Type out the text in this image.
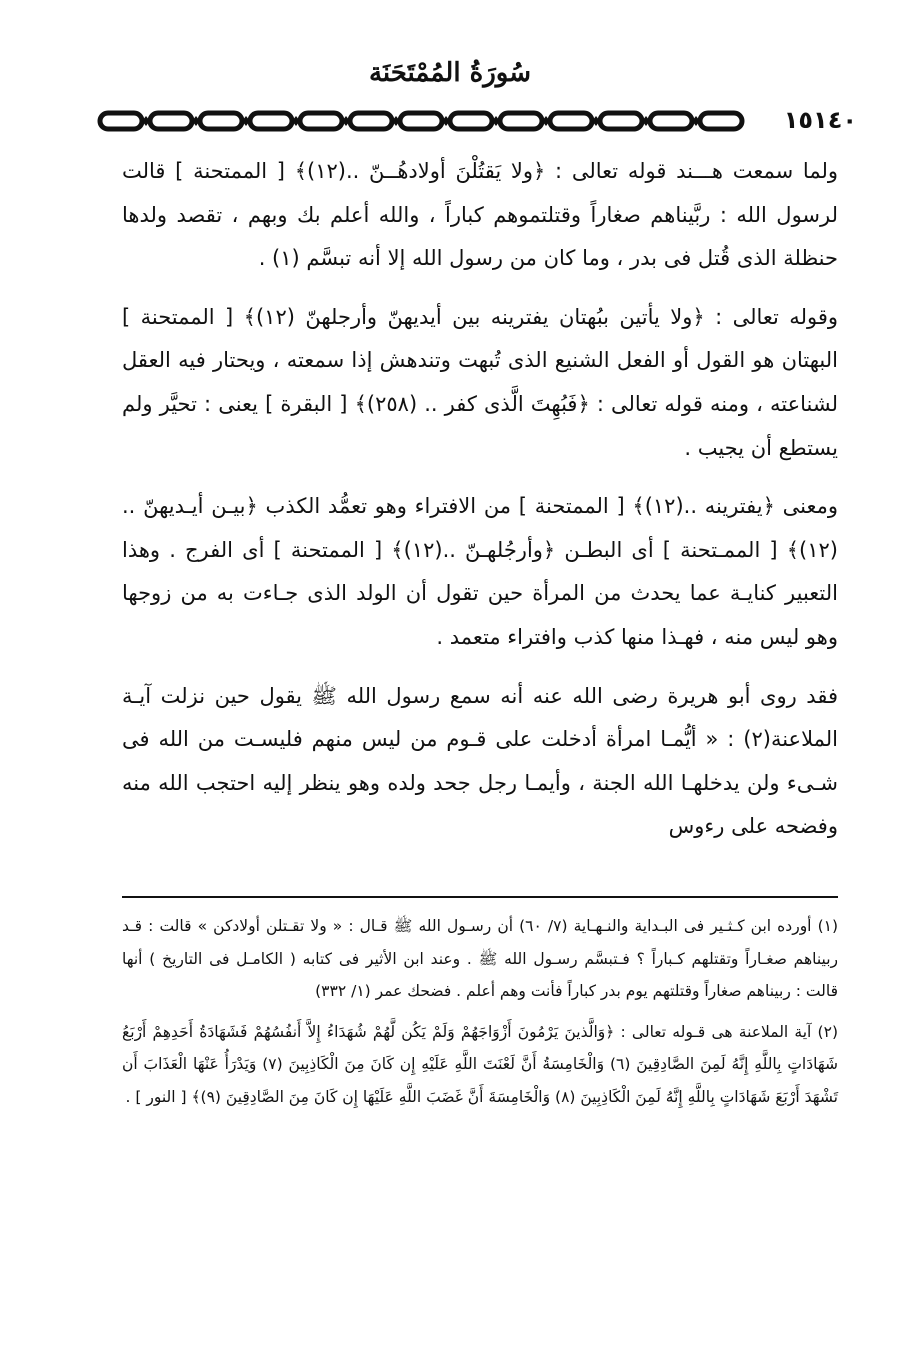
سُورَةُ المُمْتَحَنَة
١٥١٤٠

ولما سمعت هـــند قوله تعالى : ﴿ولا يَقتُلْنَ أولادهُــنّ ..(١٢)﴾ [ الممتحنة ] قالت لرسول الله : ربَّيناهم صغاراً وقتلتموهم كباراً ، والله أعلم بك وبهم ، تقصد ولدها حنظلة الذى قُتل فى بدر ، وما كان من رسول الله إلا أنه تبسَّم (١) .

وقوله تعالى : ﴿ولا يأتين ببُهتان يفترينه بين أيديهنّ وأرجلهنّ (١٢)﴾ [ الممتحنة ] البهتان هو القول أو الفعل الشنيع الذى تُبهت وتندهش إذا سمعته ، ويحتار فيه العقل لشناعته ، ومنه قوله تعالى : ﴿فَبُهِتَ الَّذى كفر .. (٢٥٨)﴾ [ البقرة ] يعنى : تحيَّر ولم يستطع أن يجيب .

ومعنى ﴿يفترينه ..(١٢)﴾ [ الممتحنة ] من الافتراء وهو تعمُّد الكذب ﴿بيـن أيـديهنّ .. (١٢)﴾ [ الممـتحنة ] أى البطـن ﴿وأرجُلهـنّ ..(١٢)﴾ [ الممتحنة ] أى الفرج . وهذا التعبير كنايـة عما يحدث من المرأة حين تقول أن الولد الذى جـاءت به من زوجها وهو ليس منه ، فهـذا منها كذب وافتراء متعمد .

فقد روى أبو هريرة رضى الله عنه أنه سمع رسول الله ﷺ يقول حين نزلت آيـة الملاعنة(٢) : « أيُّمـا امرأة أدخلت على قـوم من ليس منهم فليسـت من الله فى شـىء ولن يدخلهـا الله الجنة ، وأيمـا رجل جحد ولده وهو ينظر إليه احتجب الله منه وفضحه على رءوس

(١) أورده ابن كـثـير فى البـداية والنـهـاية (٧/ ٦٠) أن رسـول الله ﷺ قـال : « ولا تقـتلن أولادكن » قالت : قـد ربيناهم صغـاراً وتقتلهم كـباراً ؟ فـتبسَّم رسـول الله ﷺ . وعند ابن الأثير فى كتابه ( الكامـل فى التاريخ ) أنها قالت : ربيناهم صغاراً وقتلتهم يوم بدر كباراً فأنت وهم أعلم . فضحك عمر (١/ ٣٣٢)

(٢) آية الملاعنة هى قـوله تعالى : ﴿وَالَّذينَ يَرْمُونَ أَزْوَاجَهُمْ وَلَمْ يَكُن لَّهُمْ شُهَدَاءُ إِلاَّ أَنفُسُهُمْ فَشَهَادَةُ أَحَدِهِمْ أَرْبَعُ شَهَادَاتٍ بِاللَّهِ إِنَّهُ لَمِنَ الصَّادِقِينَ (٦) وَالْخَامِسَةُ أَنَّ لَعْنَتَ اللَّهِ عَلَيْهِ إِن كَانَ مِنَ الْكَاذِبِينَ (٧) وَيَدْرَأُ عَنْهَا الْعَذَابَ أَن تَشْهَدَ أَرْبَعَ شَهَادَاتٍ بِاللَّهِ إِنَّهُ لَمِنَ الْكَاذِبِينَ (٨) وَالْخَامِسَةَ أَنَّ غَضَبَ اللَّهِ عَلَيْهَا إِن كَانَ مِنَ الصَّادِقِينَ (٩)﴾ [ النور ] .
